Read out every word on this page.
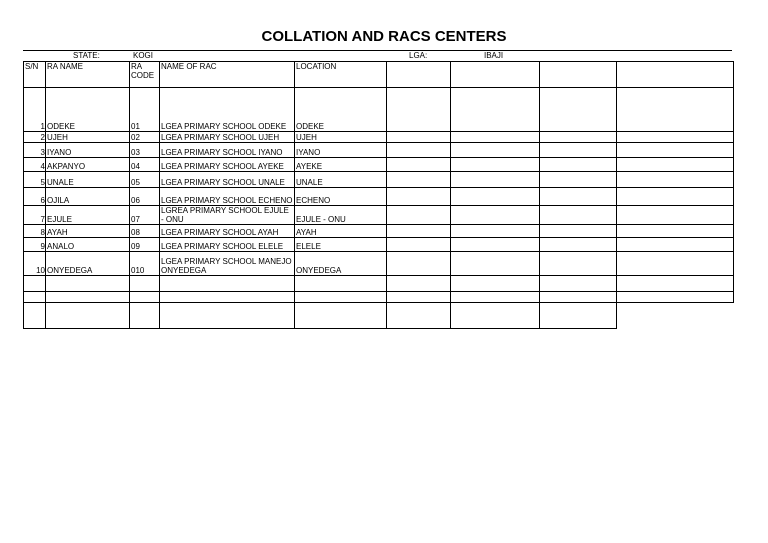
COLLATION AND RACS CENTERS
STATE:	KOGI	LGA:	IBAJI
S/N	RA NAME	RA CODE	NAME OF RAC	LOCATION				
1	ODEKE	01	LGEA PRIMARY SCHOOL ODEKE	ODEKE				
2	UJEH	02	LGEA PRIMARY SCHOOL UJEH	UJEH				
3	IYANO	03	LGEA PRIMARY SCHOOL IYANO	IYANO				
4	AKPANYO	04	LGEA PRIMARY SCHOOL AYEKE	AYEKE				
5	UNALE	05	LGEA PRIMARY SCHOOL UNALE	UNALE				
6	OJILA	06	LGEA PRIMARY SCHOOL ECHENO	ECHENO				
7	EJULE	07	LGREA PRIMARY SCHOOL EJULE - ONU	EJULE - ONU				
8	AYAH	08	LGEA PRIMARY SCHOOL AYAH	AYAH				
9	ANALO	09	LGEA PRIMARY SCHOOL ELELE	ELELE				
10	ONYEDEGA	010	LGEA PRIMARY SCHOOL MANEJO ONYEDEGA	ONYEDEGA				
